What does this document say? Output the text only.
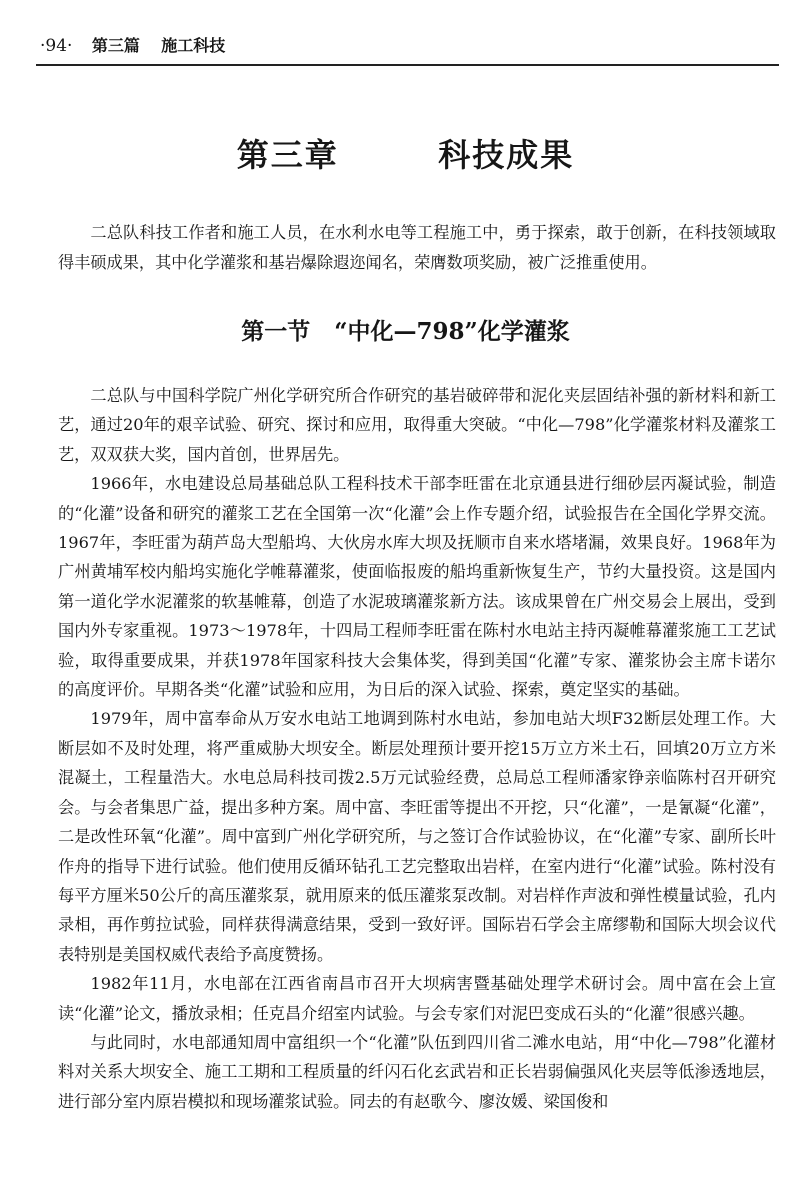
·94· 第三篇 施工科技
第三章   科技成果

二总队科技工作者和施工人员，在水利水电等工程施工中，勇于探索，敢于创新，在科技领域取得丰硕成果，其中化学灌浆和基岩爆除遐迩闻名，荣膺数项奖励，被广泛推重使用。

第一节   “中化—798”化学灌浆

二总队与中国科学院广州化学研究所合作研究的基岩破碎带和泥化夹层固结补强的新材料和新工艺，通过20年的艰辛试验、研究、探讨和应用，取得重大突破。“中化—798”化学灌浆材料及灌浆工艺，双双获大奖，国内首创，世界居先。

1966年，水电建设总局基础总队工程科技术干部李旺雷在北京通县进行细砂层丙凝试验，制造的“化灌”设备和研究的灌浆工艺在全国第一次“化灌”会上作专题介绍，试验报告在全国化学界交流。1967年，李旺雷为葫芦岛大型船坞、大伙房水库大坝及抚顺市自来水塔堵漏，效果良好。1968年为广州黄埔军校内船坞实施化学帷幕灌浆，使面临报废的船坞重新恢复生产，节约大量投资。这是国内第一道化学水泥灌浆的软基帷幕，创造了水泥玻璃灌浆新方法。该成果曾在广州交易会上展出，受到国内外专家重视。1973～1978年，十四局工程师李旺雷在陈村水电站主持丙凝帷幕灌浆施工工艺试验，取得重要成果，并获1978年国家科技大会集体奖，得到美国“化灌”专家、灌浆协会主席卡诺尔的高度评价。早期各类“化灌”试验和应用，为日后的深入试验、探索，奠定坚实的基础。

1979年，周中富奉命从万安水电站工地调到陈村水电站，参加电站大坝F32断层处理工作。大断层如不及时处理，将严重威胁大坝安全。断层处理预计要开挖15万立方米土石，回填20万立方米混凝土，工程量浩大。水电总局科技司拨2.5万元试验经费，总局总工程师潘家铮亲临陈村召开研究会。与会者集思广益，提出多种方案。周中富、李旺雷等提出不开挖，只“化灌”，一是氰凝“化灌”，二是改性环氧“化灌”。周中富到广州化学研究所，与之签订合作试验协议，在“化灌”专家、副所长叶作舟的指导下进行试验。他们使用反循环钻孔工艺完整取出岩样，在室内进行“化灌”试验。陈村没有每平方厘米50公斤的高压灌浆泵，就用原来的低压灌浆泵改制。对岩样作声波和弹性模量试验，孔内录相，再作剪拉试验，同样获得满意结果，受到一致好评。国际岩石学会主席缪勒和国际大坝会议代表特别是美国权威代表给予高度赞扬。

1982年11月，水电部在江西省南昌市召开大坝病害暨基础处理学术研讨会。周中富在会上宣读“化灌”论文，播放录相；任克昌介绍室内试验。与会专家们对泥巴变成石头的“化灌”很感兴趣。

与此同时，水电部通知周中富组织一个“化灌”队伍到四川省二滩水电站，用“中化—798”化灌材料对关系大坝安全、施工工期和工程质量的纤闪石化玄武岩和正长岩弱偏强风化夹层等低渗透地层，进行部分室内原岩模拟和现场灌浆试验。同去的有赵歌今、廖汝媛、梁国俊和
